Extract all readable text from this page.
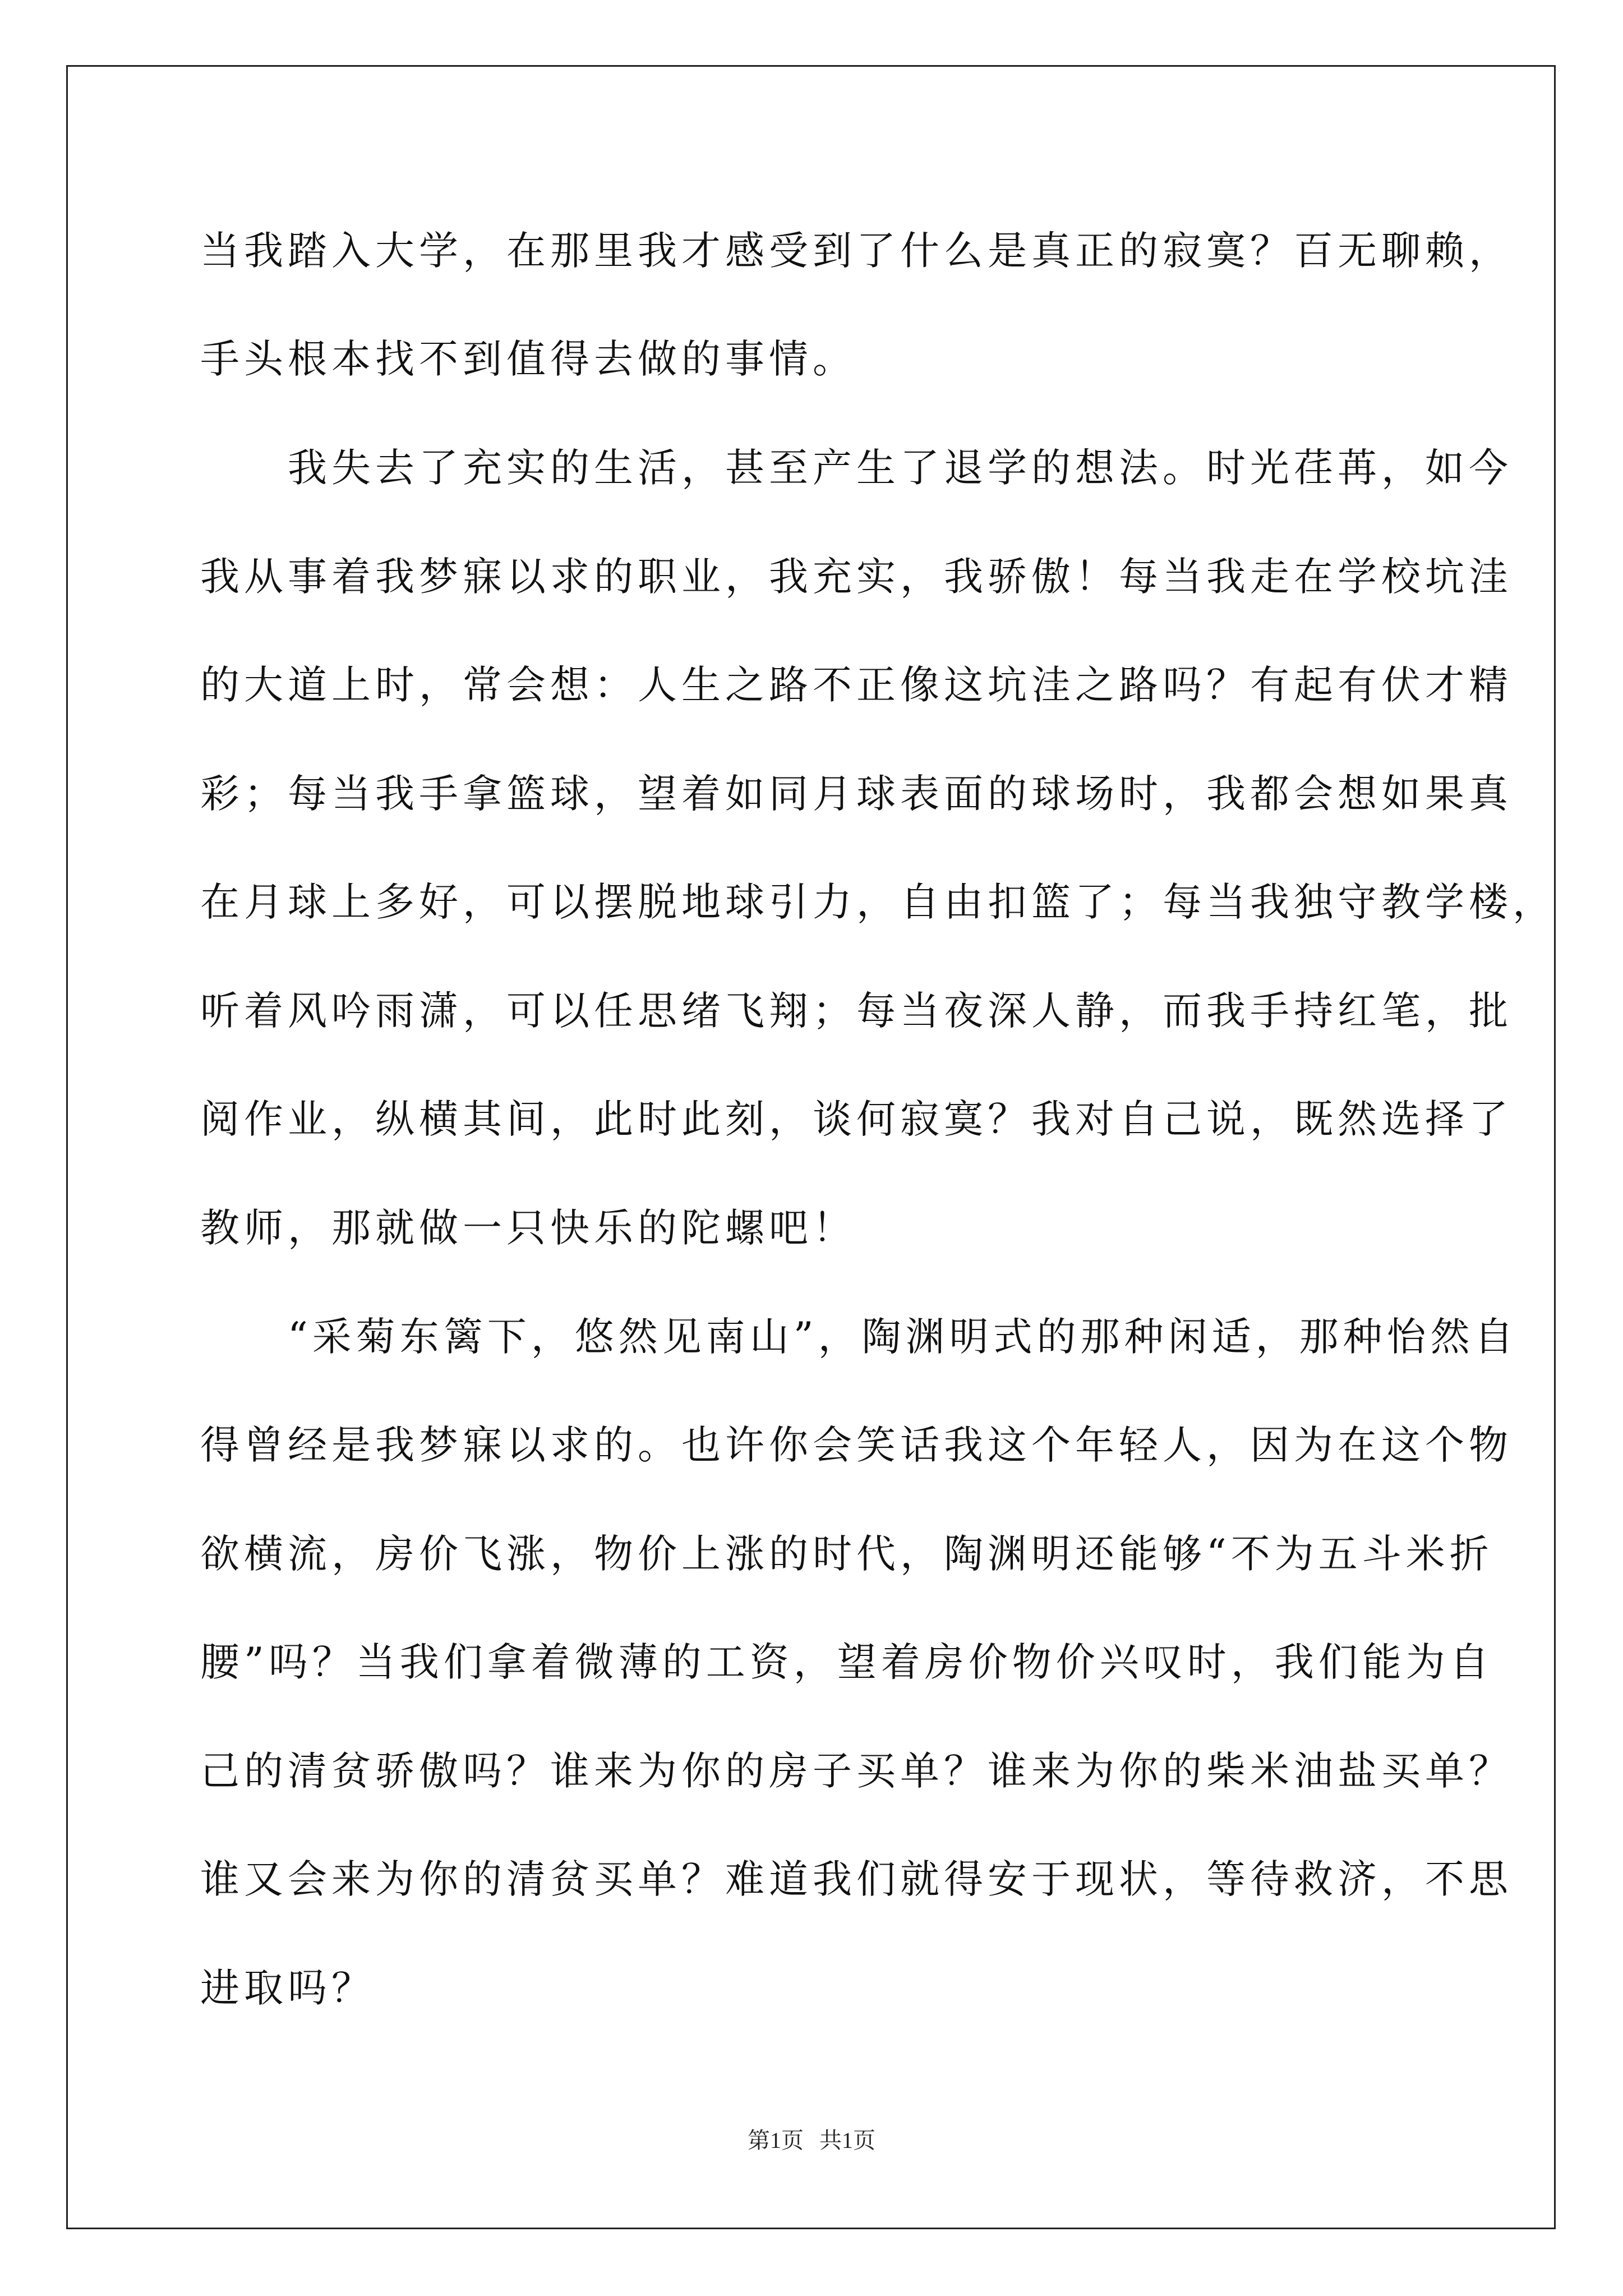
当我踏入大学，在那里我才感受到了什么是真正的寂寞？百无聊赖，
手头根本找不到值得去做的事情。
　　我失去了充实的生活，甚至产生了退学的想法。时光荏苒，如今
我从事着我梦寐以求的职业，我充实，我骄傲！每当我走在学校坑洼
的大道上时，常会想：人生之路不正像这坑洼之路吗？有起有伏才精
彩；每当我手拿篮球，望着如同月球表面的球场时，我都会想如果真
在月球上多好，可以摆脱地球引力，自由扣篮了；每当我独守教学楼，
听着风吟雨潇，可以任思绪飞翔；每当夜深人静，而我手持红笔，批
阅作业，纵横其间，此时此刻，谈何寂寞？我对自己说，既然选择了
教师，那就做一只快乐的陀螺吧！
　　“采菊东篱下，悠然见南山”，陶渊明式的那种闲适，那种怡然自
得曾经是我梦寐以求的。也许你会笑话我这个年轻人，因为在这个物
欲横流，房价飞涨，物价上涨的时代，陶渊明还能够“不为五斗米折
腰”吗？当我们拿着微薄的工资，望着房价物价兴叹时，我们能为自
己的清贫骄傲吗？谁来为你的房子买单？谁来为你的柴米油盐买单？
谁又会来为你的清贫买单？难道我们就得安于现状，等待救济，不思
进取吗？
第1页 共1页
